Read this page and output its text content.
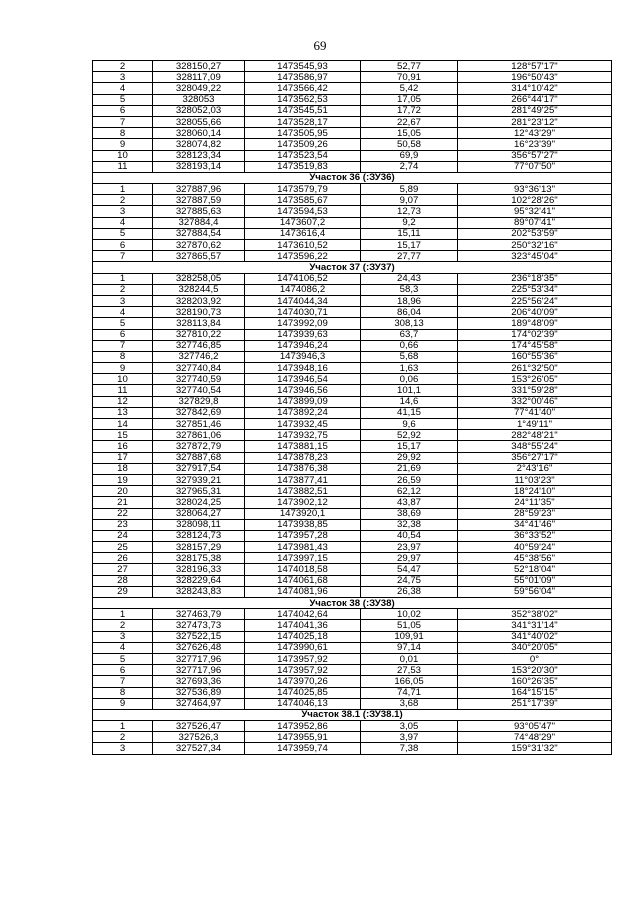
69
2	328150,27	1473545,93	52,77	128°57'17"
3	328117,09	1473586,97	70,91	196°50'43"
4	328049,22	1473566,42	5,42	314°10'42"
5	328053	1473562,53	17,05	266°44'17"
6	328052,03	1473545,51	17,72	281°49'25"
7	328055,66	1473528,17	22,67	281°23'12"
8	328060,14	1473505,95	15,05	12°43'29"
9	328074,82	1473509,26	50,58	16°23'39"
10	328123,34	1473523,54	69,9	356°57'27"
11	328193,14	1473519,83	2,74	77°07'50"
Участок 36 (:ЗУ36)				
1	327887,96	1473579,79	5,89	93°36'13"
2	327887,59	1473585,67	9,07	102°28'26"
3	327885,63	1473594,53	12,73	95°32'41"
4	327884,4	1473607,2	9,2	89°07'41"
5	327884,54	1473616,4	15,11	202°53'59"
6	327870,62	1473610,52	15,17	250°32'16"
7	327865,57	1473596,22	27,77	323°45'04"
Участок 37 (:ЗУ37)				
1	328258,05	1474106,52	24,43	236°18'35"
2	328244,5	1474086,2	58,3	225°53'34"
3	328203,92	1474044,34	18,96	225°56'24"
4	328190,73	1474030,71	86,04	206°40'09"
5	328113,84	1473992,09	308,13	189°48'09"
6	327810,22	1473939,63	63,7	174°02'39"
7	327746,85	1473946,24	0,66	174°45'58"
8	327746,2	1473946,3	5,68	160°55'36"
9	327740,84	1473948,16	1,63	261°32'50"
10	327740,59	1473946,54	0,06	153°26'05"
11	327740,54	1473946,56	101,1	331°59'28"
12	327829,8	1473899,09	14,6	332°00'46"
13	327842,69	1473892,24	41,15	77°41'40"
14	327851,46	1473932,45	9,6	1°49'11"
15	327861,06	1473932,75	52,92	282°48'21"
16	327872,79	1473881,15	15,17	348°55'24"
17	327887,68	1473878,23	29,92	356°27'17"
18	327917,54	1473876,38	21,69	2°43'16"
19	327939,21	1473877,41	26,59	11°03'23"
20	327965,31	1473882,51	62,12	18°24'10"
21	328024,25	1473902,12	43,87	24°11'35"
22	328064,27	1473920,1	38,69	28°59'23"
23	328098,11	1473938,85	32,38	34°41'46"
24	328124,73	1473957,28	40,54	36°33'52"
25	328157,29	1473981,43	23,97	40°59'24"
26	328175,38	1473997,15	29,97	45°38'56"
27	328196,33	1474018,58	54,47	52°18'04"
28	328229,64	1474061,68	24,75	55°01'09"
29	328243,83	1474081,96	26,38	59°56'04"
Участок 38 (:ЗУ38)				
1	327463,79	1474042,64	10,02	352°38'02"
2	327473,73	1474041,36	51,05	341°31'14"
3	327522,15	1474025,18	109,91	341°40'02"
4	327626,48	1473990,61	97,14	340°20'05"
5	327717,96	1473957,92	0,01	0°
6	327717,96	1473957,92	27,53	153°20'30"
7	327693,36	1473970,26	166,05	160°26'35"
8	327536,89	1474025,85	74,71	164°15'15"
9	327464,97	1474046,13	3,68	251°17'39"
Участок 38.1 (:ЗУ38.1)				
1	327526,47	1473952,86	3,05	93°05'47"
2	327526,3	1473955,91	3,97	74°48'29"
3	327527,34	1473959,74	7,38	159°31'32"
